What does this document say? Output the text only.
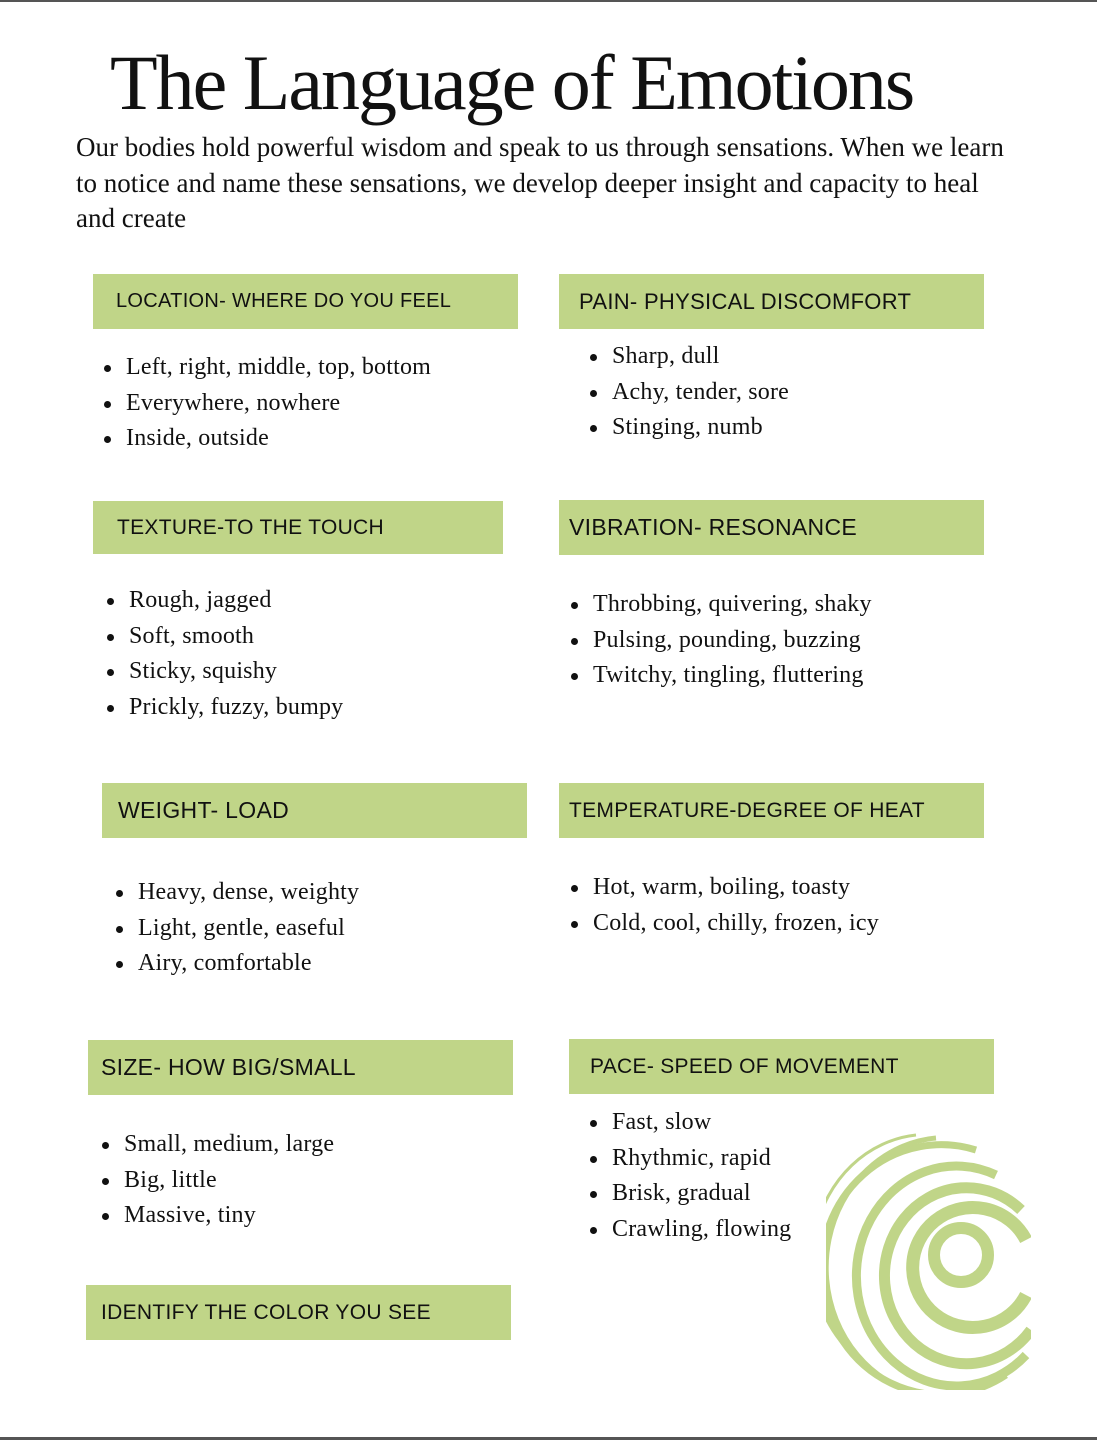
The Language of Emotions
Our bodies hold powerful wisdom and speak to us through sensations. When we learn
to notice and name these sensations, we develop deeper insight and capacity to heal
and create
LOCATION- WHERE DO YOU FEEL
Left, right, middle, top, bottom
Everywhere, nowhere
Inside, outside
PAIN- PHYSICAL DISCOMFORT
Sharp, dull
Achy, tender, sore
Stinging, numb
TEXTURE-TO THE TOUCH
Rough, jagged
Soft, smooth
Sticky, squishy
Prickly, fuzzy, bumpy
VIBRATION- RESONANCE
Throbbing, quivering, shaky
Pulsing, pounding, buzzing
Twitchy, tingling, fluttering
WEIGHT- LOAD
Heavy, dense, weighty
Light, gentle, easeful
Airy, comfortable
TEMPERATURE-DEGREE OF HEAT
Hot, warm, boiling, toasty
Cold, cool, chilly, frozen, icy
SIZE- HOW BIG/SMALL
Small, medium, large
Big, little
Massive, tiny
PACE- SPEED OF MOVEMENT
Fast, slow
Rhythmic, rapid
Brisk, gradual
Crawling, flowing
IDENTIFY THE COLOR YOU SEE
